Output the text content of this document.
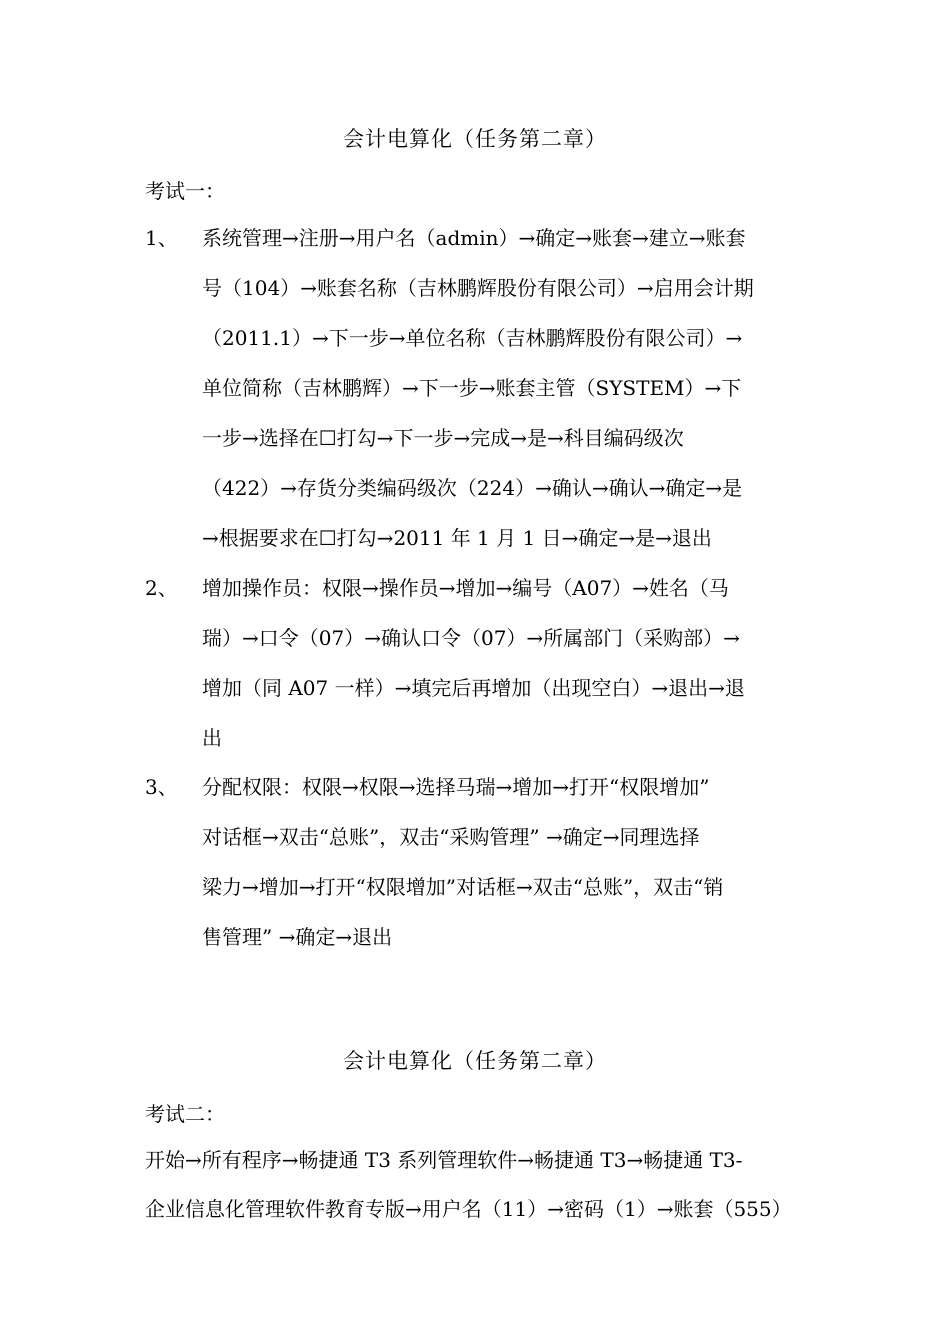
会计电算化（任务第二章）
考试一：
1、 系统管理→注册→用户名（admin）→确定→账套→建立→账套
号（104）→账套名称（吉林鹏辉股份有限公司）→启用会计期
（2011.1）→下一步→单位名称（吉林鹏辉股份有限公司）→
单位简称（吉林鹏辉）→下一步→账套主管（SYSTEM）→下
一步→选择在☐打勾→下一步→完成→是→科目编码级次
（422）→存货分类编码级次（224）→确认→确认→确定→是
→根据要求在☐打勾→2011 年 1 月 1 日→确定→是→退出
2、 增加操作员：权限→操作员→增加→编号（A07）→姓名（马
瑞）→口令（07）→确认口令（07）→所属部门（采购部）→
增加（同 A07 一样）→填完后再增加（出现空白）→退出→退
出
3、 分配权限：权限→权限→选择马瑞→增加→打开“权限增加”
对话框→双击“总账”，双击“采购管理” →确定→同理选择
梁力→增加→打开“权限增加”对话框→双击“总账”，双击“销
售管理” →确定→退出
会计电算化（任务第二章）
考试二：
开始→所有程序→畅捷通 T3 系列管理软件→畅捷通 T3→畅捷通 T3-
企业信息化管理软件教育专版→用户名（11）→密码（1）→账套（555）
